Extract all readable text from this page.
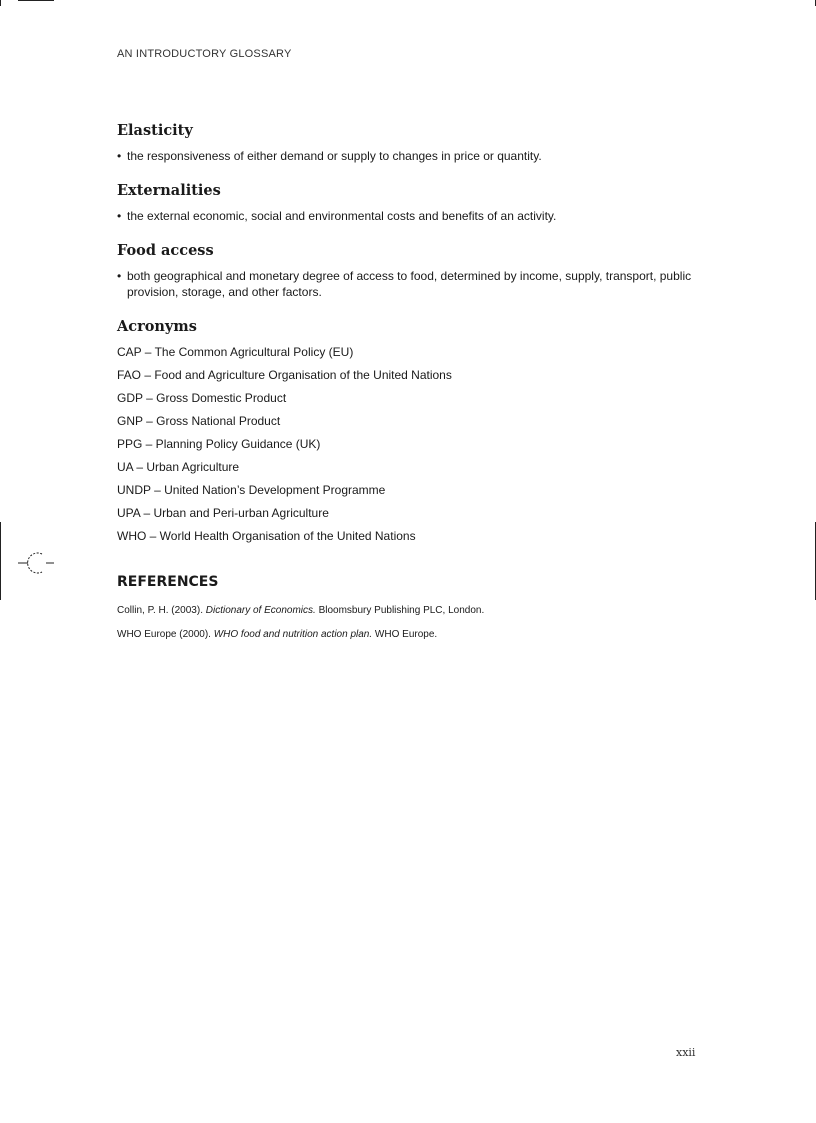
AN INTRODUCTORY GLOSSARY
Elasticity

• the responsiveness of either demand or supply to changes in price or quantity.

Externalities

• the external economic, social and environmental costs and benefits of an activity.

Food access

• both geographical and monetary degree of access to food, determined by income, supply, transport, public provision, storage, and other factors.

Acronyms
CAP – The Common Agricultural Policy (EU)
FAO – Food and Agriculture Organisation of the United Nations
GDP – Gross Domestic Product
GNP – Gross National Product
PPG – Planning Policy Guidance (UK)
UA – Urban Agriculture
UNDP – United Nation’s Development Programme
UPA – Urban and Peri-urban Agriculture
WHO – World Health Organisation of the United Nations
REFERENCES

Collin, P. H. (2003). Dictionary of Economics. Bloomsbury Publishing PLC, London.

WHO Europe (2000). WHO food and nutrition action plan. WHO Europe.

xxii
